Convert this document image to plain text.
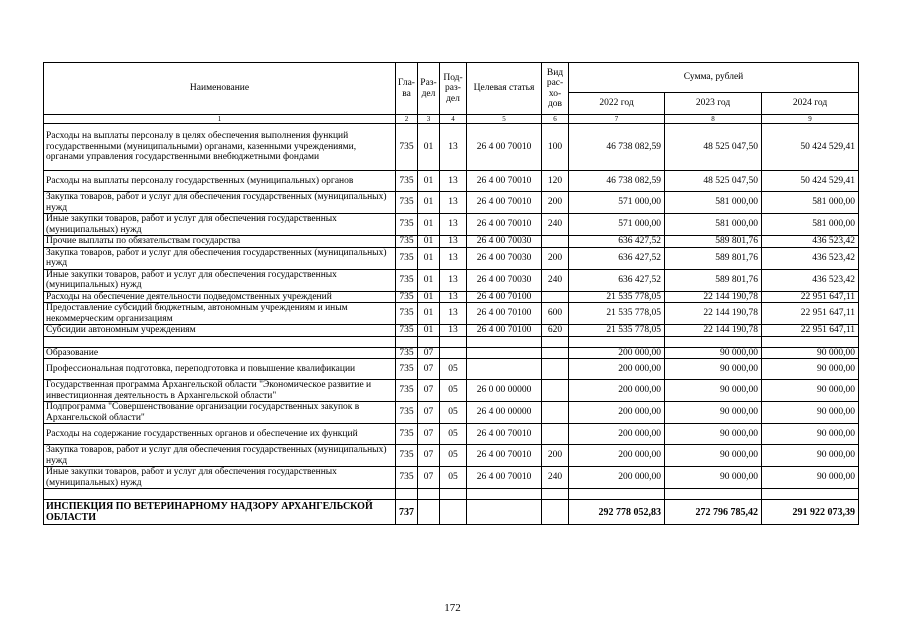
Наименование	Гла-ва	Раз-дел	Под-раз-дел	Целевая статья	Вид рас-хо-дов	Сумма, рублей		
						2022 год	2023 год	2024 год
1	2	3	4	5	6	7	8	9
Расходы на выплаты персоналу в целях обеспечения выполнения функций государственными (муниципальными) органами, казенными учреждениями, органами управления государственными внебюджетными фондами	735	01	13	26 4 00 70010	100	46 738 082,59	48 525 047,50	50 424 529,41
Расходы на выплаты персоналу государственных (муниципальных) органов	735	01	13	26 4 00 70010	120	46 738 082,59	48 525 047,50	50 424 529,41
Закупка товаров, работ и услуг для обеспечения государственных (муниципальных) нужд	735	01	13	26 4 00 70010	200	571 000,00	581 000,00	581 000,00
Иные закупки товаров, работ и услуг для обеспечения государственных (муниципальных) нужд	735	01	13	26 4 00 70010	240	571 000,00	581 000,00	581 000,00
Прочие выплаты по обязательствам государства	735	01	13	26 4 00 70030		636 427,52	589 801,76	436 523,42
Закупка товаров, работ и услуг для обеспечения государственных (муниципальных) нужд	735	01	13	26 4 00 70030	200	636 427,52	589 801,76	436 523,42
Иные закупки товаров, работ и услуг для обеспечения государственных (муниципальных) нужд	735	01	13	26 4 00 70030	240	636 427,52	589 801,76	436 523,42
Расходы на обеспечение деятельности подведомственных учреждений	735	01	13	26 4 00 70100		21 535 778,05	22 144 190,78	22 951 647,11
Предоставление субсидий бюджетным, автономным учреждениям и иным некоммерческим организациям	735	01	13	26 4 00 70100	600	21 535 778,05	22 144 190,78	22 951 647,11
Субсидии автономным учреждениям	735	01	13	26 4 00 70100	620	21 535 778,05	22 144 190,78	22 951 647,11

Образование	735	07				200 000,00	90 000,00	90 000,00
Профессиональная подготовка, переподготовка и повышение квалификации	735	07	05			200 000,00	90 000,00	90 000,00
Государственная программа Архангельской области "Экономическое развитие и инвестиционная деятельность в Архангельской области"	735	07	05	26 0 00 00000		200 000,00	90 000,00	90 000,00
Подпрограмма "Совершенствование организации государственных закупок в Архангельской области"	735	07	05	26 4 00 00000		200 000,00	90 000,00	90 000,00
Расходы на содержание государственных органов и обеспечение их функций	735	07	05	26 4 00 70010		200 000,00	90 000,00	90 000,00
Закупка товаров, работ и услуг для обеспечения государственных (муниципальных) нужд	735	07	05	26 4 00 70010	200	200 000,00	90 000,00	90 000,00
Иные закупки товаров, работ и услуг для обеспечения государственных (муниципальных) нужд	735	07	05	26 4 00 70010	240	200 000,00	90 000,00	90 000,00

ИНСПЕКЦИЯ ПО ВЕТЕРИНАРНОМУ НАДЗОРУ АРХАНГЕЛЬСКОЙ ОБЛАСТИ	737					292 778 052,83	272 796 785,42	291 922 073,39
172
